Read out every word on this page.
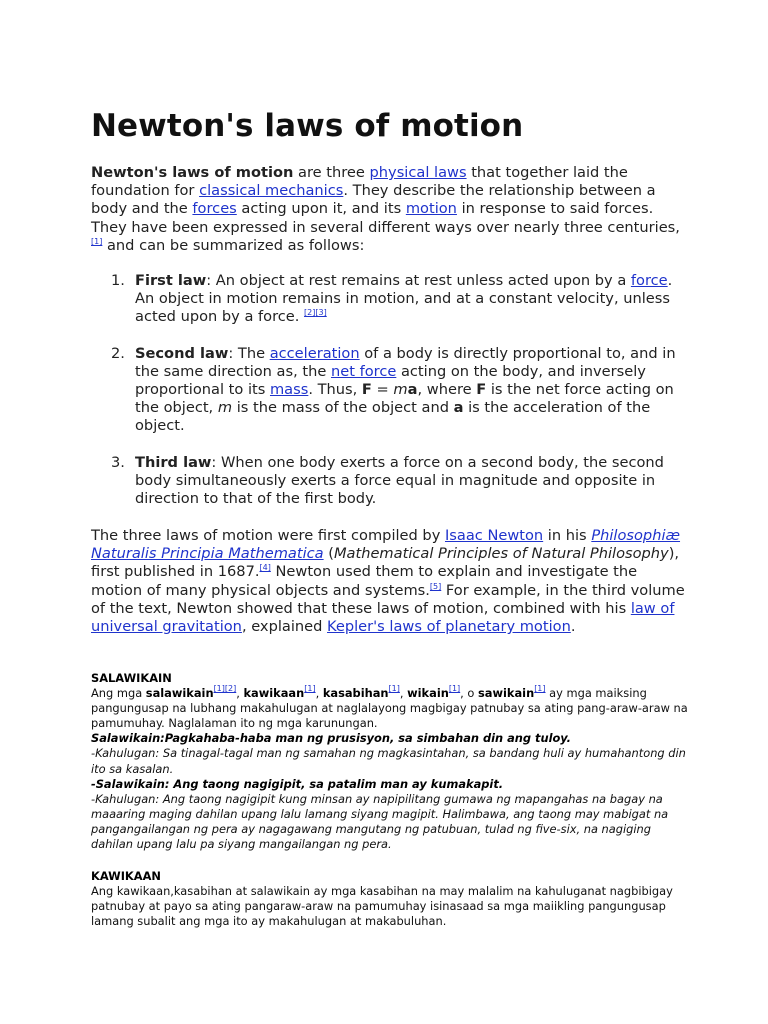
Newton's laws of motion

Newton's laws of motion are three physical laws that together laid the foundation for classical mechanics. They describe the relationship between a body and the forces acting upon it, and its motion in response to said forces. They have been expressed in several different ways over nearly three centuries,[1] and can be summarized as follows:

1. First law: An object at rest remains at rest unless acted upon by a force. An object in motion remains in motion, and at a constant velocity, unless acted upon by a force. [2][3]
2. Second law: The acceleration of a body is directly proportional to, and in the same direction as, the net force acting on the body, and inversely proportional to its mass. Thus, F = ma, where F is the net force acting on the object, m is the mass of the object and a is the acceleration of the object.
3. Third law: When one body exerts a force on a second body, the second body simultaneously exerts a force equal in magnitude and opposite in direction to that of the first body.

The three laws of motion were first compiled by Isaac Newton in his Philosophiæ Naturalis Principia Mathematica (Mathematical Principles of Natural Philosophy), first published in 1687.[4] Newton used them to explain and investigate the motion of many physical objects and systems.[5] For example, in the third volume of the text, Newton showed that these laws of motion, combined with his law of universal gravitation, explained Kepler's laws of planetary motion.

SALAWIKAIN
Ang mga salawikain[1][2], kawikaan[1], kasabihan[1], wikain[1], o sawikain[1] ay mga maiksing pangungusap na lubhang makahulugan at naglalayong magbigay patnubay sa ating pang-araw-araw na pamumuhay. Naglalaman ito ng mga karunungan.
Salawikain:Pagkahaba-haba man ng prusisyon, sa simbahan din ang tuloy.
-Kahulugan: Sa tinagal-tagal man ng samahan ng magkasintahan, sa bandang huli ay humahantong din ito sa kasalan.
-Salawikain: Ang taong nagigipit, sa patalim man ay kumakapit.
-Kahulugan: Ang taong nagigipit kung minsan ay napipilitang gumawa ng mapangahas na bagay na maaaring maging dahilan upang lalu lamang siyang magipit. Halimbawa, ang taong may mabigat na pangangailangan ng pera ay nagagawang mangutang ng patubuan, tulad ng five-six, na nagiging dahilan upang lalu pa siyang mangailangan ng pera.
KAWIKAAN
Ang kawikaan,kasabihan at salawikain ay mga kasabihan na may malalim na kahuluganat nagbibigay patnubay at payo sa ating pangaraw-araw na pamumuhay isinasaad sa mga maiikling pangungusap lamang subalit ang mga ito ay makahulugan at makabuluhan.
